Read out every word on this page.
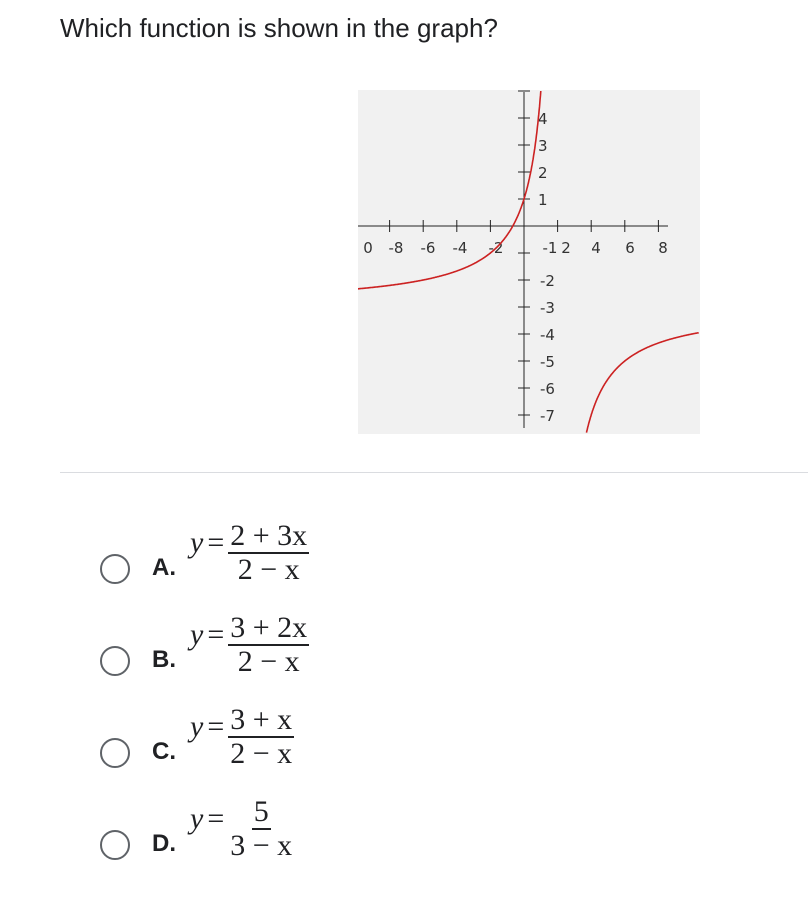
Which function is shown in the graph?
0 -8 -6 -4 -2	-1 2 4 6 8
4
3
2
1
-2
-3
-4
-5
-6
-7
A.
$y = \frac{2 + 3x}{2 - x}$
B.
$y = \frac{3 + 2x}{2 - x}$
C.
$y = \frac{3 + x}{2 - x}$
D.
$y = \frac{5}{3 - x}$
